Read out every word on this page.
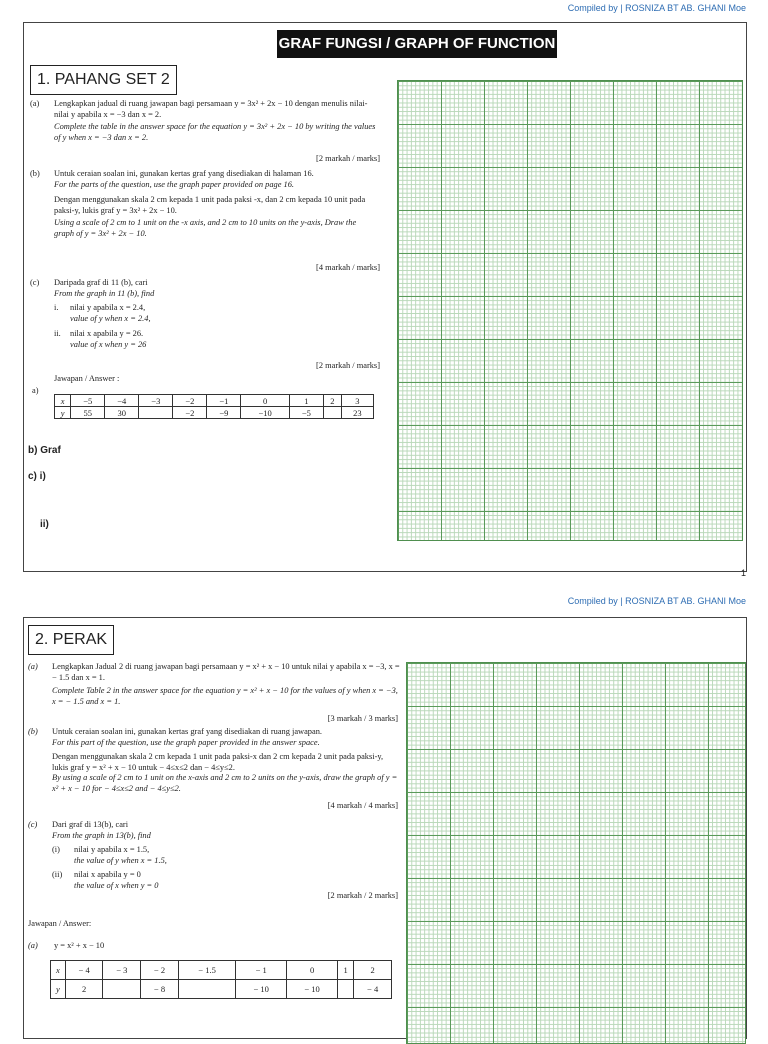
Compiled by | ROSNIZA BT AB. GHANI Moe
GRAF FUNGSI / GRAPH OF FUNCTION
1. PAHANG SET 2
(a) Lengkapkan jadual di ruang jawapan bagi persamaan y = 3x² + 2x − 10 dengan menulis nilai-nilai y apabila x = −3 dan x = 2.
Complete the table in the answer space for the equation y = 3x² + 2x − 10 by writing the values of y when x = −3 dan x = 2.
[2 markah / marks]
(b) Untuk ceraian soalan ini, gunakan kertas graf yang disediakan di halaman 16.
For the parts of the question, use the graph paper provided on page 16.
Dengan menggunakan skala 2 cm kepada 1 unit pada paksi -x, dan 2 cm kepada 10 unit pada paksi-y, lukis graf y = 3x² + 2x − 10.
Using a scale of 2 cm to 1 unit on the -x axis, and 2 cm to 10 units on the y-axis, Draw the graph of y = 3x² + 2x − 10.
[4 markah / marks]
(c) Daripada graf di 11 (b), cari
From the graph in 11 (b), find
i. nilai y apabila x = 2.4,
value of y when x = 2.4,
ii. nilai x apabila y = 26.
value of x when y = 26
[2 markah / marks]
Jawapan / Answer :
a)
x	−5	−4	−3	−2	−1	0	1	2	3
y	55	30		−2	−9	−10	−5		23
b) Graf
c) i)
ii)
1
Compiled by | ROSNIZA BT AB. GHANI Moe
2. PERAK
(a) Lengkapkan Jadual 2 di ruang jawapan bagi persamaan y = x² + x − 10 untuk nilai y apabila x = −3, x = − 1.5 dan x = 1.
Complete Table 2 in the answer space for the equation y = x² + x − 10 for the values of y when x = −3, x = − 1.5 and x = 1.
[3 markah / 3 marks]
(b) Untuk ceraian soalan ini, gunakan kertas graf yang disediakan di ruang jawapan.
For this part of the question, use the graph paper provided in the answer space.
Dengan menggunakan skala 2 cm kepada 1 unit pada paksi-x dan 2 cm kepada 2 unit pada paksi-y, lukis graf y = x² + x − 10 untuk − 4≤x≤2 dan − 4≤y≤2.
By using a scale of 2 cm to 1 unit on the x-axis and 2 cm to 2 units on the y-axis, draw the graph of y = x² + x − 10 for − 4≤x≤2 and − 4≤y≤2.
[4 markah / 4 marks]
(c) Dari graf di 13(b), cari
From the graph in 13(b), find
(i) nilai y apabila x = 1.5,
the value of y when x = 1.5,
(ii) nilai x apabila y = 0
the value of x when y = 0
[2 markah / 2 marks]
Jawapan / Answer:
(a) y = x² + x − 10
x	− 4	− 3	− 2	− 1.5	− 1	0	1	2
y	2		− 8		− 10	− 10		− 4
